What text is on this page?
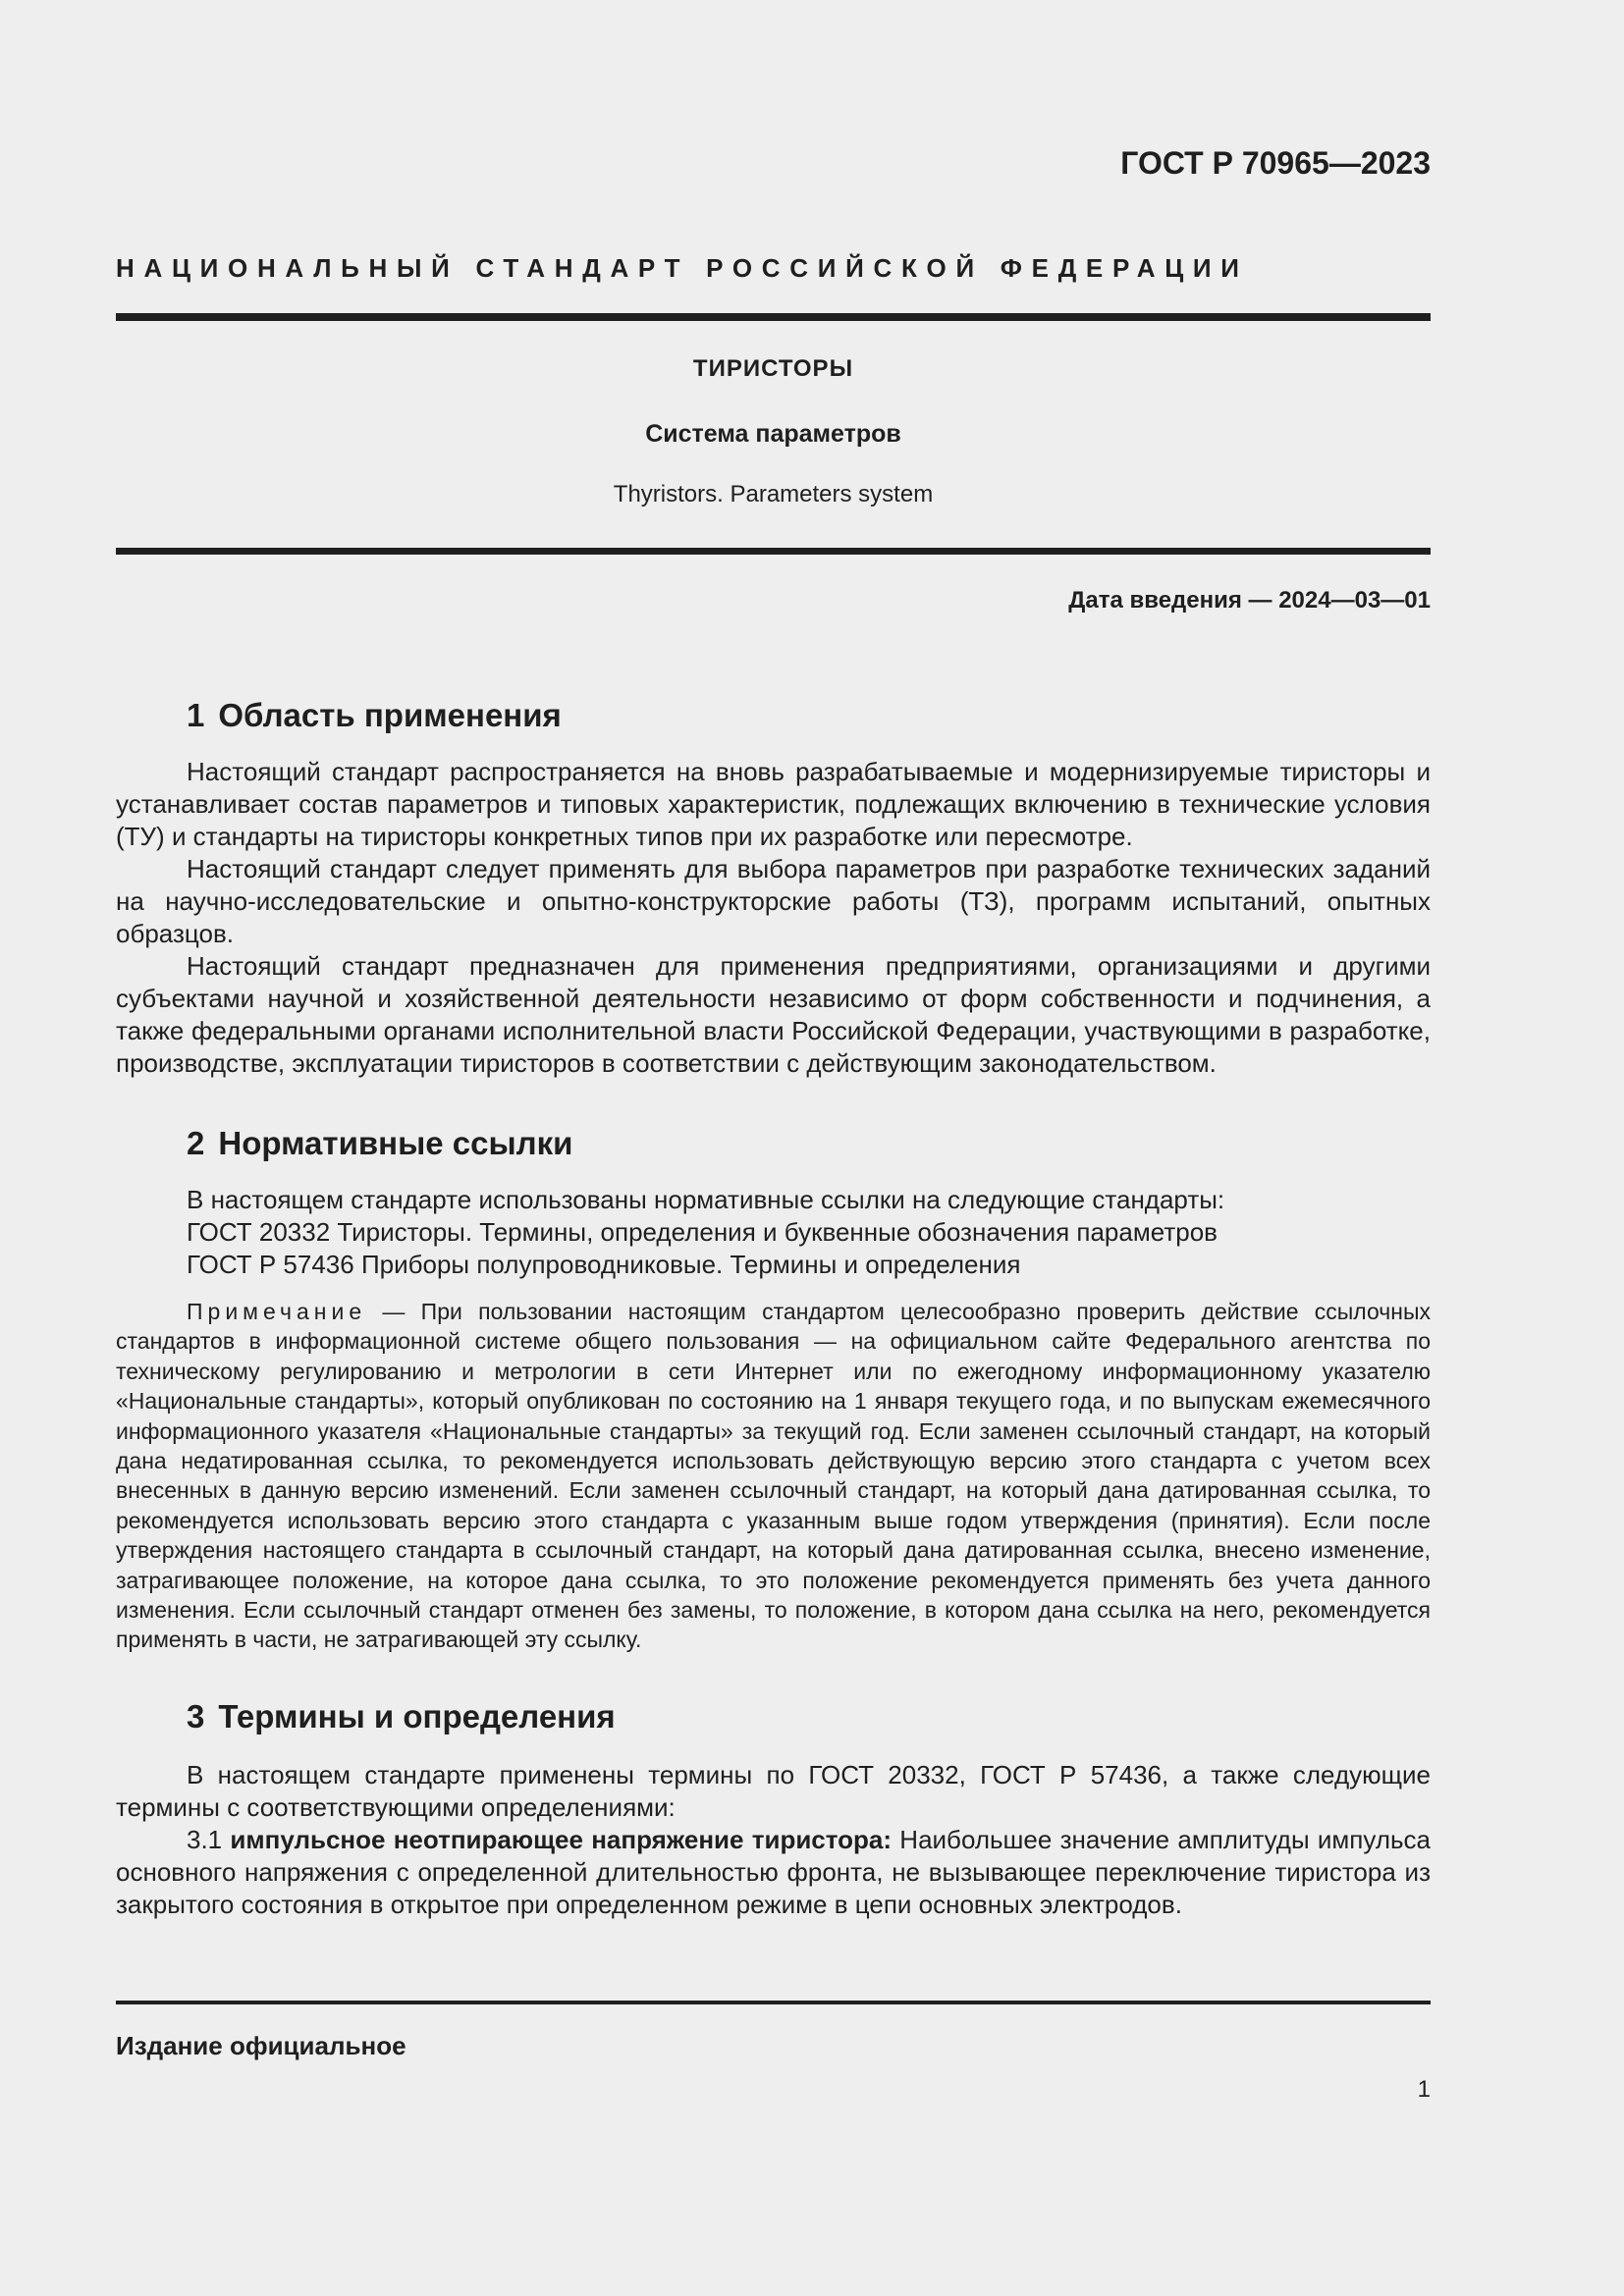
ГОСТ Р 70965—2023
НАЦИОНАЛЬНЫЙ СТАНДАРТ РОССИЙСКОЙ ФЕДЕРАЦИИ
ТИРИСТОРЫ
Система параметров
Thyristors. Parameters system
Дата введения — 2024—03—01
1 Область применения

Настоящий стандарт распространяется на вновь разрабатываемые и модернизируемые тиристоры и устанавливает состав параметров и типовых характеристик, подлежащих включению в технические условия (ТУ) и стандарты на тиристоры конкретных типов при их разработке или пересмотре.

Настоящий стандарт следует применять для выбора параметров при разработке технических заданий на научно-исследовательские и опытно-конструкторские работы (ТЗ), программ испытаний, опытных образцов.

Настоящий стандарт предназначен для применения предприятиями, организациями и другими субъектами научной и хозяйственной деятельности независимо от форм собственности и подчинения, а также федеральными органами исполнительной власти Российской Федерации, участвующими в разработке, производстве, эксплуатации тиристоров в соответствии с действующим законодательством.

2 Нормативные ссылки
В настоящем стандарте использованы нормативные ссылки на следующие стандарты:
ГОСТ 20332 Тиристоры. Термины, определения и буквенные обозначения параметров
ГОСТ Р 57436 Приборы полупроводниковые. Термины и определения

Примечание — При пользовании настоящим стандартом целесообразно проверить действие ссылочных стандартов в информационной системе общего пользования — на официальном сайте Федерального агентства по техническому регулированию и метрологии в сети Интернет или по ежегодному информационному указателю «Национальные стандарты», который опубликован по состоянию на 1 января текущего года, и по выпускам ежемесячного информационного указателя «Национальные стандарты» за текущий год. Если заменен ссылочный стандарт, на который дана недатированная ссылка, то рекомендуется использовать действующую версию этого стандарта с учетом всех внесенных в данную версию изменений. Если заменен ссылочный стандарт, на который дана датированная ссылка, то рекомендуется использовать версию этого стандарта с указанным выше годом утверждения (принятия). Если после утверждения настоящего стандарта в ссылочный стандарт, на который дана датированная ссылка, внесено изменение, затрагивающее положение, на которое дана ссылка, то это положение рекомендуется применять без учета данного изменения. Если ссылочный стандарт отменен без замены, то положение, в котором дана ссылка на него, рекомендуется применять в части, не затрагивающей эту ссылку.

3 Термины и определения

В настоящем стандарте применены термины по ГОСТ 20332, ГОСТ Р 57436, а также следующие термины с соответствующими определениями:

3.1 импульсное неотпирающее напряжение тиристора: Наибольшее значение амплитуды импульса основного напряжения с определенной длительностью фронта, не вызывающее переключение тиристора из закрытого состояния в открытое при определенном режиме в цепи основных электродов.

Издание официальное
1
